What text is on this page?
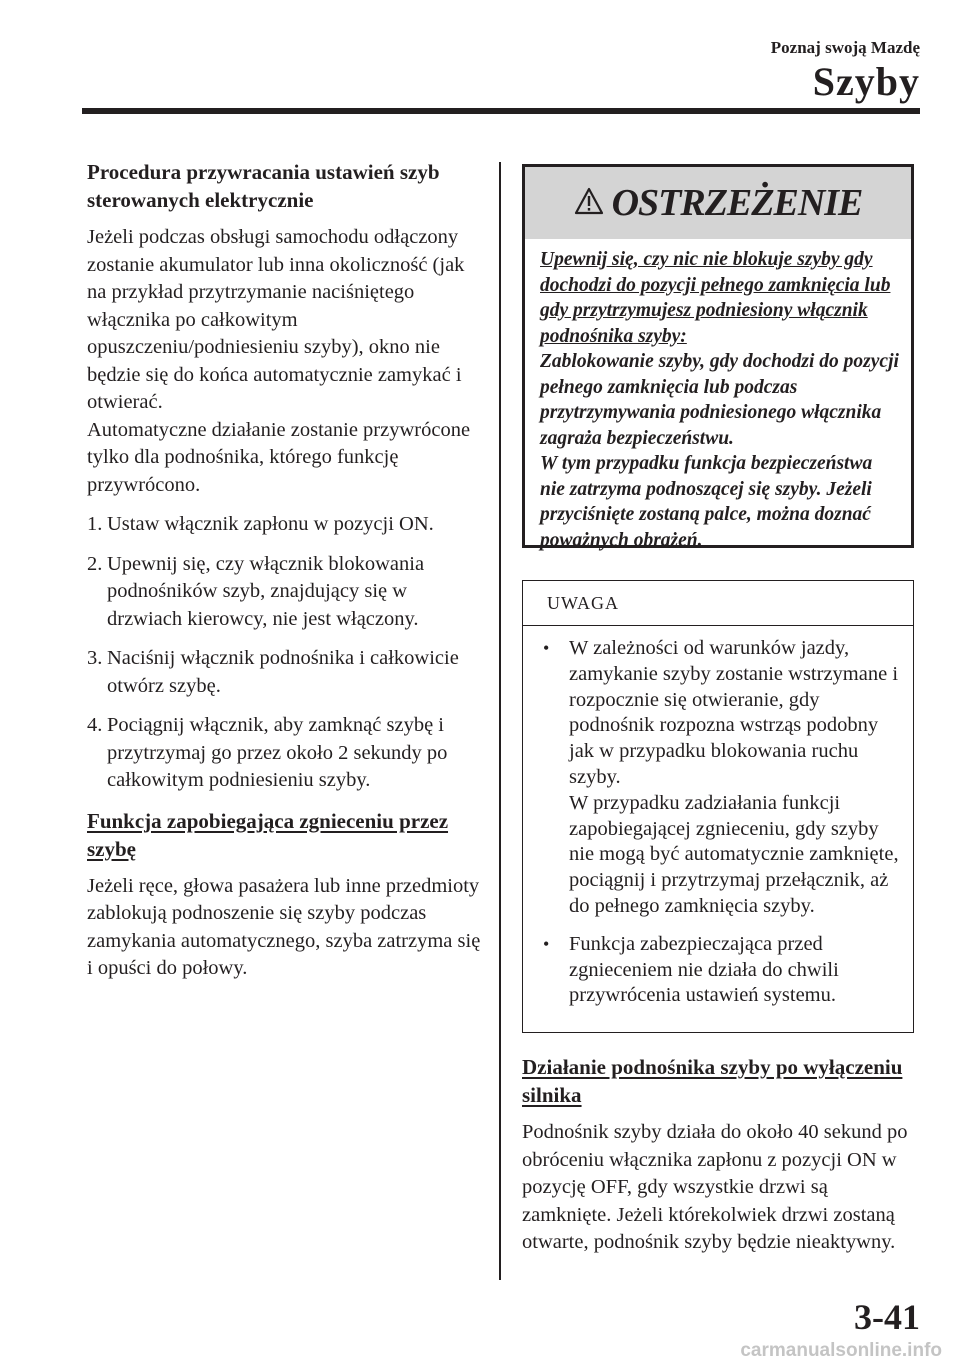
Poznaj swoją Mazdę
Szyby
Procedura przywracania ustawień szyb sterowanych elektrycznie

Jeżeli podczas obsługi samochodu odłączony zostanie akumulator lub inna okoliczność (jak na przykład przytrzymanie naciśniętego włącznika po całkowitym opuszczeniu/podniesieniu szyby), okno nie będzie się do końca automatycznie zamykać i otwierać.

Automatyczne działanie zostanie przywrócone tylko dla podnośnika, którego funkcję przywrócono.

1. Ustaw włącznik zapłonu w pozycji ON.
2. Upewnij się, czy włącznik blokowania podnośników szyb, znajdujący się w drzwiach kierowcy, nie jest włączony.
3. Naciśnij włącznik podnośnika i całkowicie otwórz szybę.
4. Pociągnij włącznik, aby zamknąć szybę i przytrzymaj go przez około 2 sekundy po całkowitym podniesieniu szyby.
Funkcja zapobiegająca zgnieceniu przez szybę

Jeżeli ręce, głowa pasażera lub inne przedmioty zablokują podnoszenie się szyby podczas zamykania automatycznego, szyba zatrzyma się i opuści do połowy.

OSTRZEŻENIE
Upewnij się, czy nic nie blokuje szyby gdy dochodzi do pozycji pełnego zamknięcia lub gdy przytrzymujesz podniesiony włącznik podnośnika szyby:
Zablokowanie szyby, gdy dochodzi do pozycji pełnego zamknięcia lub podczas przytrzymywania podniesionego włącznika zagraża bezpieczeństwu.
W tym przypadku funkcja bezpieczeństwa nie zatrzyma podnoszącej się szyby. Jeżeli przyciśnięte zostaną palce, można doznać poważnych obrażeń.
UWAGA
• W zależności od warunków jazdy, zamykanie szyby zostanie wstrzymane i rozpocznie się otwieranie, gdy podnośnik rozpozna wstrząs podobny jak w przypadku blokowania ruchu szyby.
W przypadku zadziałania funkcji zapobiegającej zgnieceniu, gdy szyby nie mogą być automatycznie zamknięte, pociągnij i przytrzymaj przełącznik, aż do pełnego zamknięcia szyby.
• Funkcja zabezpieczająca przed zgnieceniem nie działa do chwili przywrócenia ustawień systemu.
Działanie podnośnika szyby po wyłączeniu silnika

Podnośnik szyby działa do około 40 sekund po obróceniu włącznika zapłonu z pozycji ON w pozycję OFF, gdy wszystkie drzwi są zamknięte. Jeżeli którekolwiek drzwi zostaną otwarte, podnośnik szyby będzie nieaktywny.

3-41
carmanualsonline.info
